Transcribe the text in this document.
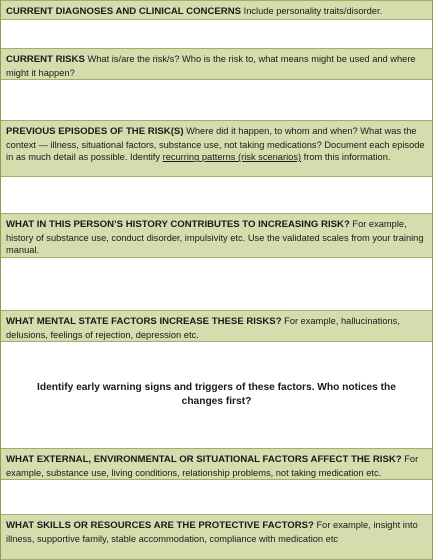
CURRENT DIAGNOSES AND CLINICAL CONCERNS Include personality traits/disorder.
CURRENT RISKS What is/are the risk/s? Who is the risk to, what means might be used and where might it happen?
PREVIOUS EPISODES OF THE RISK(S) Where did it happen, to whom and when? What was the context — illness, situational factors, substance use, not taking medications? Document each episode in as much detail as possible. Identify recurring patterns (risk scenarios) from this information.
WHAT IN THIS PERSON’S HISTORY CONTRIBUTES TO INCREASING RISK? For example, history of substance use, conduct disorder, impulsivity etc. Use the validated scales from your training manual.
WHAT MENTAL STATE FACTORS INCREASE THESE RISKS? For example, hallucinations, delusions, feelings of rejection, depression etc.
Identify early warning signs and triggers of these factors. Who notices the changes first?
WHAT EXTERNAL, ENVIRONMENTAL OR SITUATIONAL FACTORS AFFECT THE RISK? For example, substance use, living conditions, relationship problems, not taking medication etc.
WHAT SKILLS OR RESOURCES ARE THE PROTECTIVE FACTORS? For example, insight into illness, supportive family, stable accommodation, compliance with medication etc
